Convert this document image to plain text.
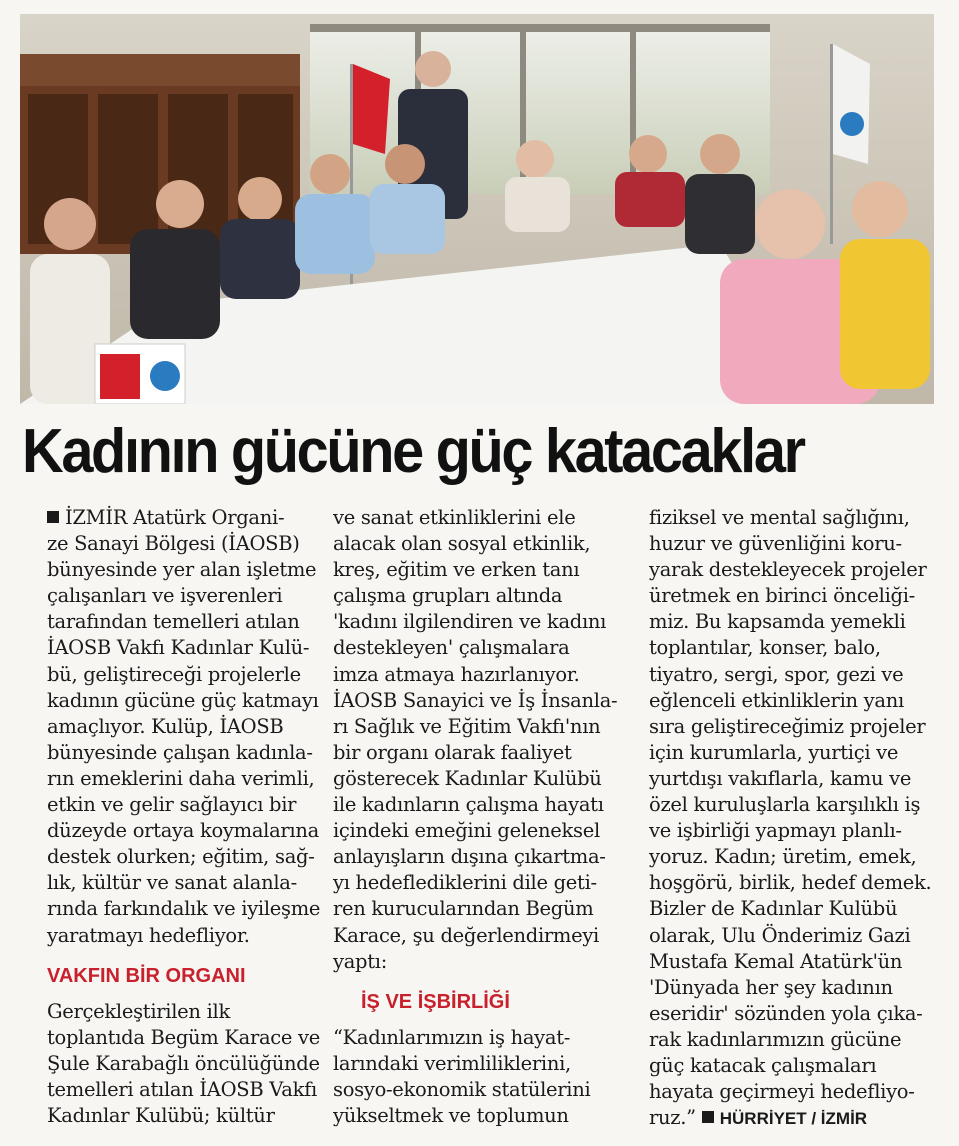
Kadının gücüne güç katacaklar
İZMİR Atatürk Organi-
ze Sanayi Bölgesi (İAOSB)
bünyesinde yer alan işletme
çalışanları ve işverenleri
tarafından temelleri atılan
İAOSB Vakfı Kadınlar Kulü-
bü, geliştireceği projelerle
kadının gücüne güç katmayı
amaçlıyor. Kulüp, İAOSB
bünyesinde çalışan kadınla-
rın emeklerini daha verimli,
etkin ve gelir sağlayıcı bir
düzeyde ortaya koymalarına
destek olurken; eğitim, sağ-
lık, kültür ve sanat alanla-
rında farkındalık ve iyileşme
yaratmayı hedefliyor.
VAKFIN BİR ORGANI
Gerçekleştirilen ilk
toplantıda Begüm Karace ve
Şule Karabağlı öncülüğünde
temelleri atılan İAOSB Vakfı
Kadınlar Kulübü; kültür
ve sanat etkinliklerini ele
alacak olan sosyal etkinlik,
kreş, eğitim ve erken tanı
çalışma grupları altında
'kadını ilgilendiren ve kadını
destekleyen' çalışmalara
imza atmaya hazırlanıyor.
İAOSB Sanayici ve İş İnsanla-
rı Sağlık ve Eğitim Vakfı'nın
bir organı olarak faaliyet
gösterecek Kadınlar Kulübü
ile kadınların çalışma hayatı
içindeki emeğini geleneksel
anlayışların dışına çıkartma-
yı hedeflediklerini dile geti-
ren kurucularından Begüm
Karace, şu değerlendirmeyi
yaptı:
İŞ VE İŞBİRLİĞİ
“Kadınlarımızın iş hayat-
larındaki verimliliklerini,
sosyo-ekonomik statülerini
yükseltmek ve toplumun
fiziksel ve mental sağlığını,
huzur ve güvenliğini koru-
yarak destekleyecek projeler
üretmek en birinci önceliği-
miz. Bu kapsamda yemekli
toplantılar, konser, balo,
tiyatro, sergi, spor, gezi ve
eğlenceli etkinliklerin yanı
sıra geliştireceğimiz projeler
için kurumlarla, yurtiçi ve
yurtdışı vakıflarla, kamu ve
özel kuruluşlarla karşılıklı iş
ve işbirliği yapmayı planlı-
yoruz. Kadın; üretim, emek,
hoşgörü, birlik, hedef demek.
Bizler de Kadınlar Kulübü
olarak, Ulu Önderimiz Gazi
Mustafa Kemal Atatürk'ün
'Dünyada her şey kadının
eseridir' sözünden yola çıka-
rak kadınlarımızın gücüne
güç katacak çalışmaları
hayata geçirmeyi hedefliyo-
ruz.” HÜRRİYET / İZMİR
